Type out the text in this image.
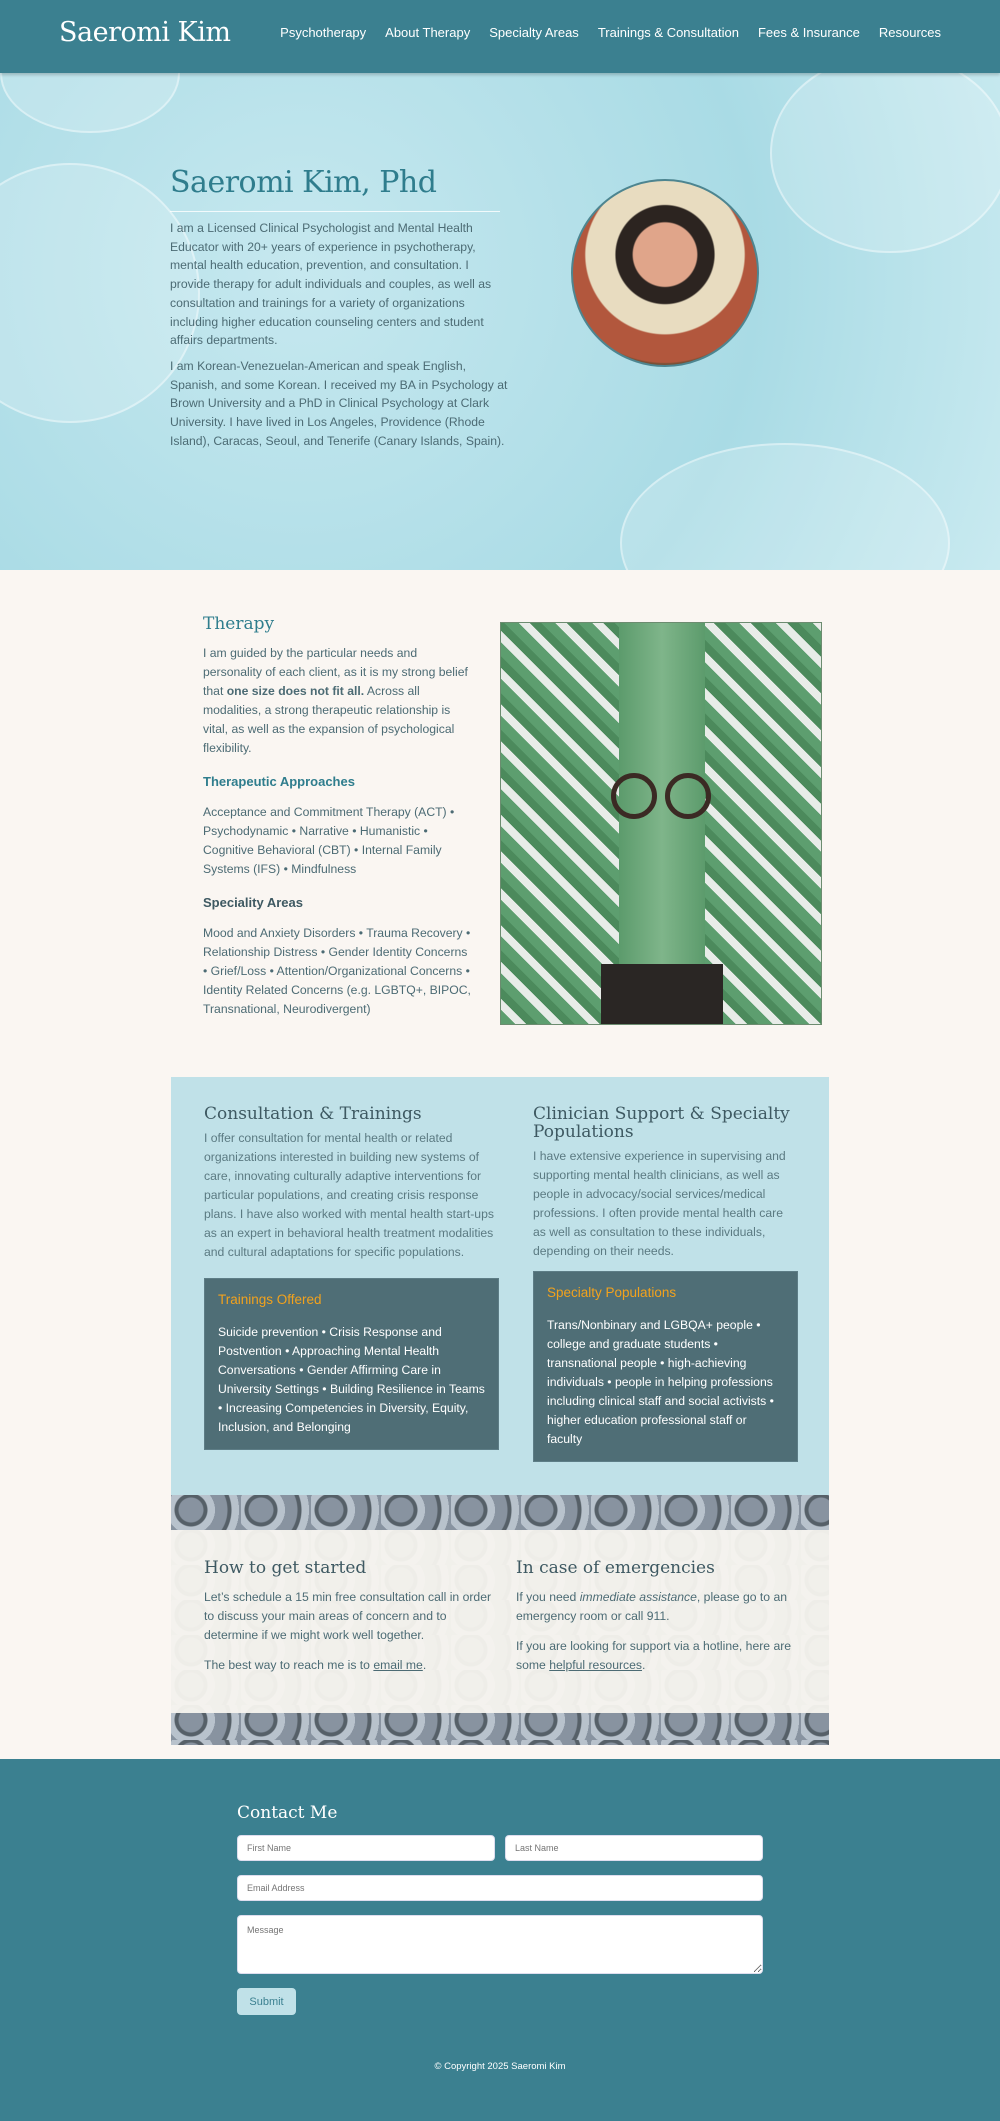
Saeromi Kim	Psychotherapy About Therapy Specialty Areas Trainings & Consultation Fees & Insurance Resources
Saeromi Kim, Phd

I am a Licensed Clinical Psychologist and Mental Health Educator with 20+ years of experience in psychotherapy, mental health education, prevention, and consultation. I provide therapy for adult individuals and couples, as well as consultation and trainings for a variety of organizations including higher education counseling centers and student affairs departments.

I am Korean-Venezuelan-American and speak English, Spanish, and some Korean. I received my BA in Psychology at Brown University and a PhD in Clinical Psychology at Clark University. I have lived in Los Angeles, Providence (Rhode Island), Caracas, Seoul, and Tenerife (Canary Islands, Spain).

Therapy

I am guided by the particular needs and personality of each client, as it is my strong belief that one size does not fit all. Across all modalities, a strong therapeutic relationship is vital, as well as the expansion of psychological flexibility.

Therapeutic Approaches

Acceptance and Commitment Therapy (ACT) • Psychodynamic • Narrative • Humanistic • Cognitive Behavioral (CBT) • Internal Family Systems (IFS) • Mindfulness

Speciality Areas

Mood and Anxiety Disorders • Trauma Recovery • Relationship Distress • Gender Identity Concerns • Grief/Loss • Attention/Organizational Concerns • Identity Related Concerns (e.g. LGBTQ+, BIPOC, Transnational, Neurodivergent)

Consultation & Trainings

I offer consultation for mental health or related organizations interested in building new systems of care, innovating culturally adaptive interventions for particular populations, and creating crisis response plans. I have also worked with mental health start-ups as an expert in behavioral health treatment modalities and cultural adaptations for specific populations.

Trainings Offered

Suicide prevention • Crisis Response and Postvention • Approaching Mental Health Conversations • Gender Affirming Care in University Settings • Building Resilience in Teams • Increasing Competencies in Diversity, Equity, Inclusion, and Belonging

Clinician Support & Specialty Populations

I have extensive experience in supervising and supporting mental health clinicians, as well as people in advocacy/social services/medical professions. I often provide mental health care as well as consultation to these individuals, depending on their needs.

Specialty Populations

Trans/Nonbinary and LGBQA+ people • college and graduate students • transnational people • high-achieving individuals • people in helping professions including clinical staff and social activists • higher education professional staff or faculty

How to get started

Let’s schedule a 15 min free consultation call in order to discuss your main areas of concern and to determine if we might work well together.

The best way to reach me is to email me.

In case of emergencies

If you need immediate assistance, please go to an emergency room or call 911.

If you are looking for support via a hotline, here are some helpful resources.

Contact Me
First Name
Last Name
Email Address
Message
Submit
© Copyright 2025 Saeromi Kim
